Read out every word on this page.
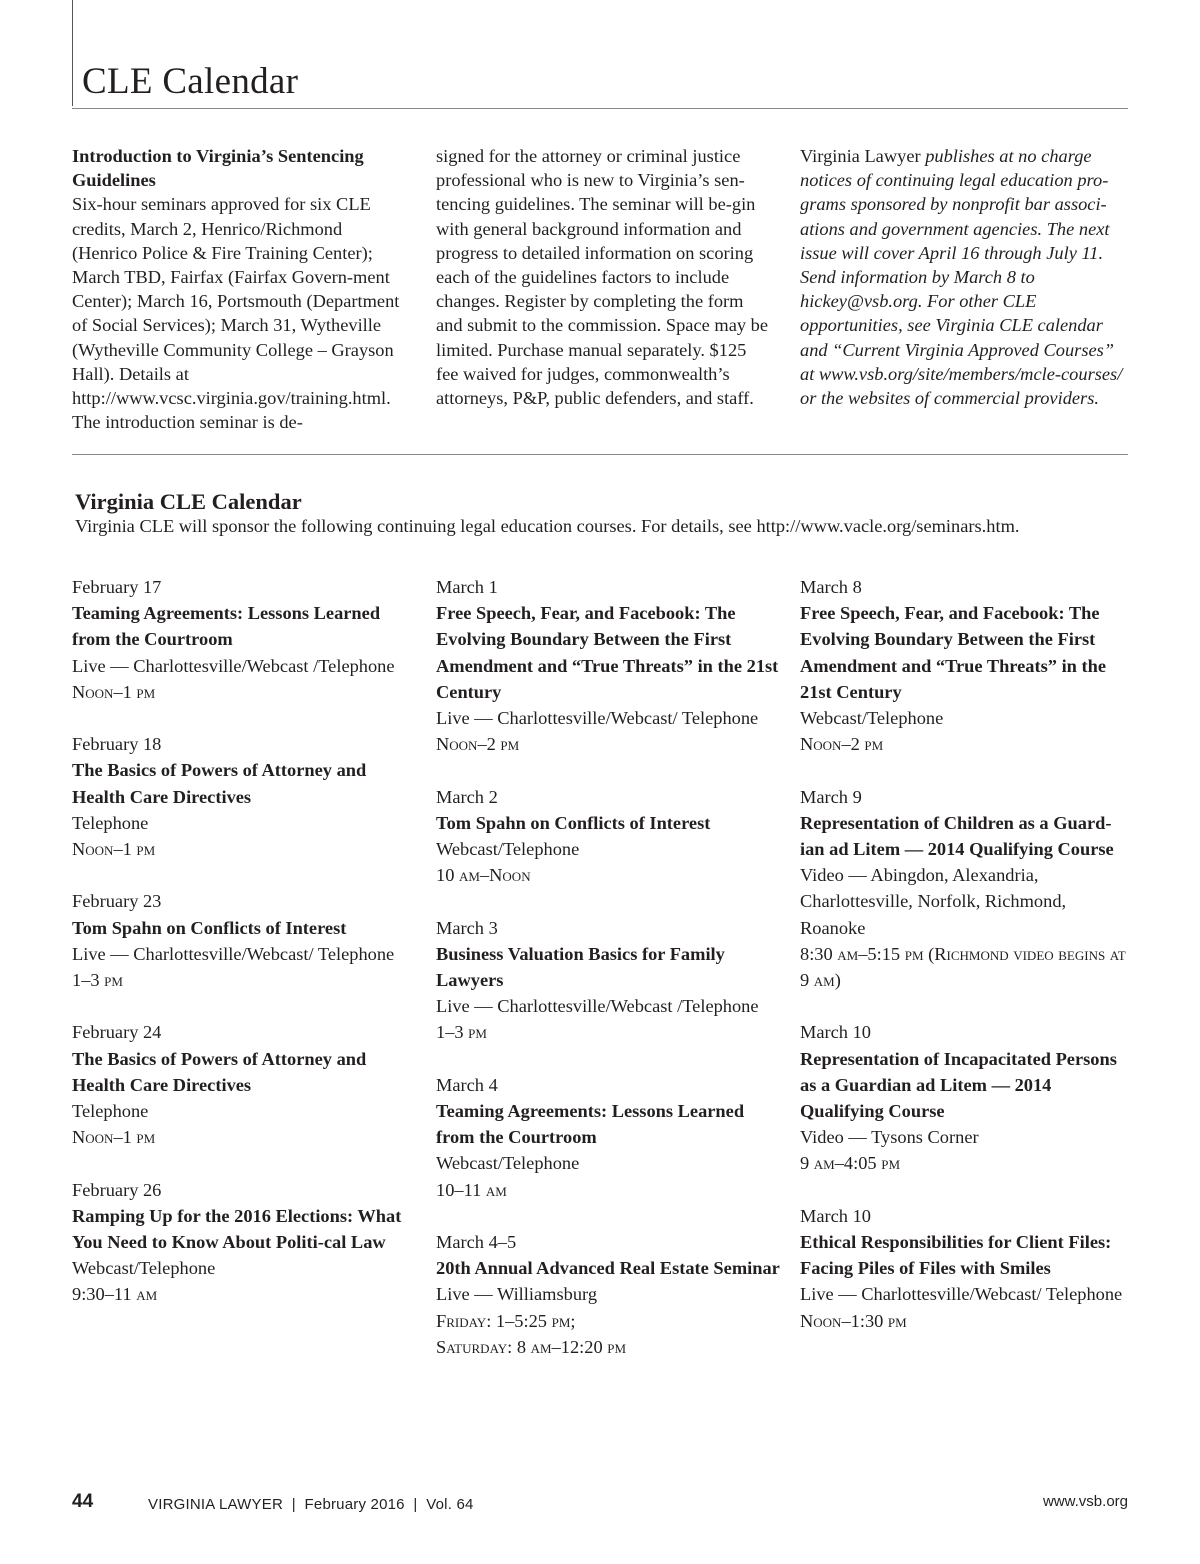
CLE Calendar
Introduction to Virginia’s Sentencing Guidelines
Six-hour seminars approved for six CLE credits, March 2, Henrico/Richmond (Henrico Police & Fire Training Center); March TBD, Fairfax (Fairfax Govern-ment Center); March 16, Portsmouth (Department of Social Services); March 31, Wytheville (Wytheville Community College – Grayson Hall). Details at http://www.vcsc.virginia.gov/training.html. The introduction seminar is de-
signed for the attorney or criminal justice professional who is new to Virginia’s sen-tencing guidelines. The seminar will be-gin with general background information and progress to detailed information on scoring each of the guidelines factors to include changes. Register by completing the form and submit to the commission. Space may be limited. Purchase manual separately. $125 fee waived for judges, commonwealth’s attorneys, P&P, public defenders, and staff.
Virginia Lawyer publishes at no charge notices of continuing legal education pro-grams sponsored by nonprofit bar associ-ations and government agencies. The next issue will cover April 16 through July 11. Send information by March 8 to hickey@vsb.org. For other CLE opportunities, see Virginia CLE calendar and “Current Virginia Approved Courses” at www.vsb.org/site/members/mcle-courses/ or the websites of commercial providers.
Virginia CLE Calendar

Virginia CLE will sponsor the following continuing legal education courses. For details, see http://www.vacle.org/seminars.htm.

February 17
Teaming Agreements: Lessons Learned from the Courtroom
Live — Charlottesville/Webcast /Telephone
Noon–1 pm
February 18
The Basics of Powers of Attorney and Health Care Directives
Telephone
Noon–1 pm
February 23
Tom Spahn on Conflicts of Interest
Live — Charlottesville/Webcast/ Telephone
1–3 pm
February 24
The Basics of Powers of Attorney and Health Care Directives
Telephone
Noon–1 pm
February 26
Ramping Up for the 2016 Elections: What You Need to Know About Politi-cal Law
Webcast/Telephone
9:30–11 am
March 1
Free Speech, Fear, and Facebook: The Evolving Boundary Between the First Amendment and “True Threats” in the 21st Century
Live — Charlottesville/Webcast/ Telephone
Noon–2 pm
March 2
Tom Spahn on Conflicts of Interest
Webcast/Telephone
10 am–Noon
March 3
Business Valuation Basics for Family Lawyers
Live — Charlottesville/Webcast /Telephone
1–3 pm
March 4
Teaming Agreements: Lessons Learned from the Courtroom
Webcast/Telephone
10–11 am
March 4–5
20th Annual Advanced Real Estate Seminar
Live — Williamsburg
Friday: 1–5:25 pm;
Saturday: 8 am–12:20 pm
March 8
Free Speech, Fear, and Facebook: The Evolving Boundary Between the First Amendment and “True Threats” in the 21st Century
Webcast/Telephone
Noon–2 pm
March 9
Representation of Children as a Guard-ian ad Litem — 2014 Qualifying Course
Video — Abingdon, Alexandria, Charlottesville, Norfolk, Richmond, Roanoke
8:30 am–5:15 pm (Richmond video begins at 9 am)
March 10
Representation of Incapacitated Persons as a Guardian ad Litem — 2014 Qualifying Course
Video — Tysons Corner
9 am–4:05 pm
March 10
Ethical Responsibilities for Client Files: Facing Piles of Files with Smiles
Live — Charlottesville/Webcast/ Telephone
Noon–1:30 pm
44	VIRGINIA LAWYER  |  February 2016  |  Vol. 64	www.vsb.org
